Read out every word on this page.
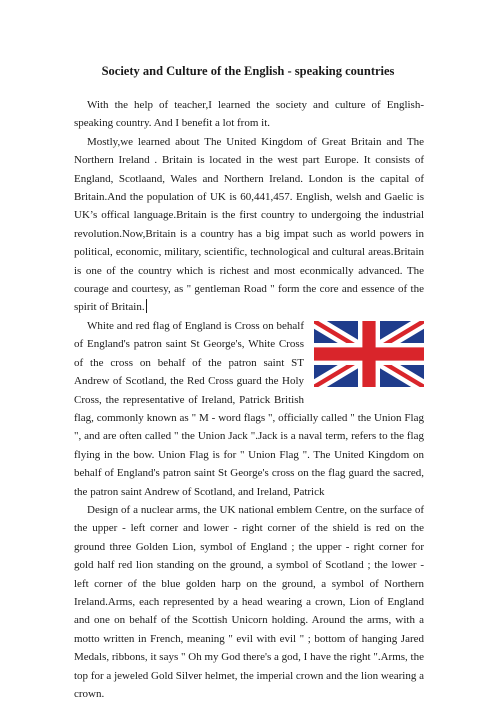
Society and Culture of the English - speaking countries

With the help of teacher,I learned the society and culture of English-speaking country. And I benefit a lot from it.

Mostly,we learned about The United Kingdom of Great Britain and The Northern Ireland . Britain is located in the west part Europe. It consists of England, Scotlaand, Wales and Northern Ireland. London is the capital of Britain.And the population of UK is 60,441,457. English, welsh and Gaelic is UK’s offical language.Britain is the first country to undergoing the industrial revolution.Now,Britain is a country has a big impat such as world powers in political, economic, military, scientific, technological and cultural areas.Britain is one of the country which is richest and most econmically advanced. The courage and courtesy, as " gentleman Road " form the core and essence of the spirit of Britain.

White and red flag of England is Cross on behalf of England's patron saint St George's, White Cross of the cross on behalf of the patron saint ST Andrew of Scotland, the Red Cross guard the Holy Cross, the representative of Ireland, Patrick British flag, commonly known as " M - word flags ", officially called " the Union Flag ", and are often called " the Union Jack ".Jack is a naval term, refers to the flag flying in the bow. Union Flag is for " Union Flag ". The United Kingdom on behalf of England's patron saint St George's cross on the flag guard the sacred, the patron saint Andrew of Scotland, and Ireland, Patrick

Design of a nuclear arms, the UK national emblem Centre, on the surface of the upper - left corner and lower - right corner of the shield is red on the ground three Golden Lion, symbol of England ; the upper - right corner for gold half red lion standing on the ground, a symbol of Scotland ; the lower - left corner of the blue golden harp on the ground, a symbol of Northern Ireland.Arms, each represented by a head wearing a crown, Lion of England and one on behalf of the Scottish Unicorn holding. Around the arms, with a motto written in French, meaning " evil with evil " ; bottom of hanging Jared Medals, ribbons, it says " Oh my God there's a god, I have the right ".Arms, the top for a jeweled Gold Silver helmet, the imperial crown and the lion wearing a crown.
